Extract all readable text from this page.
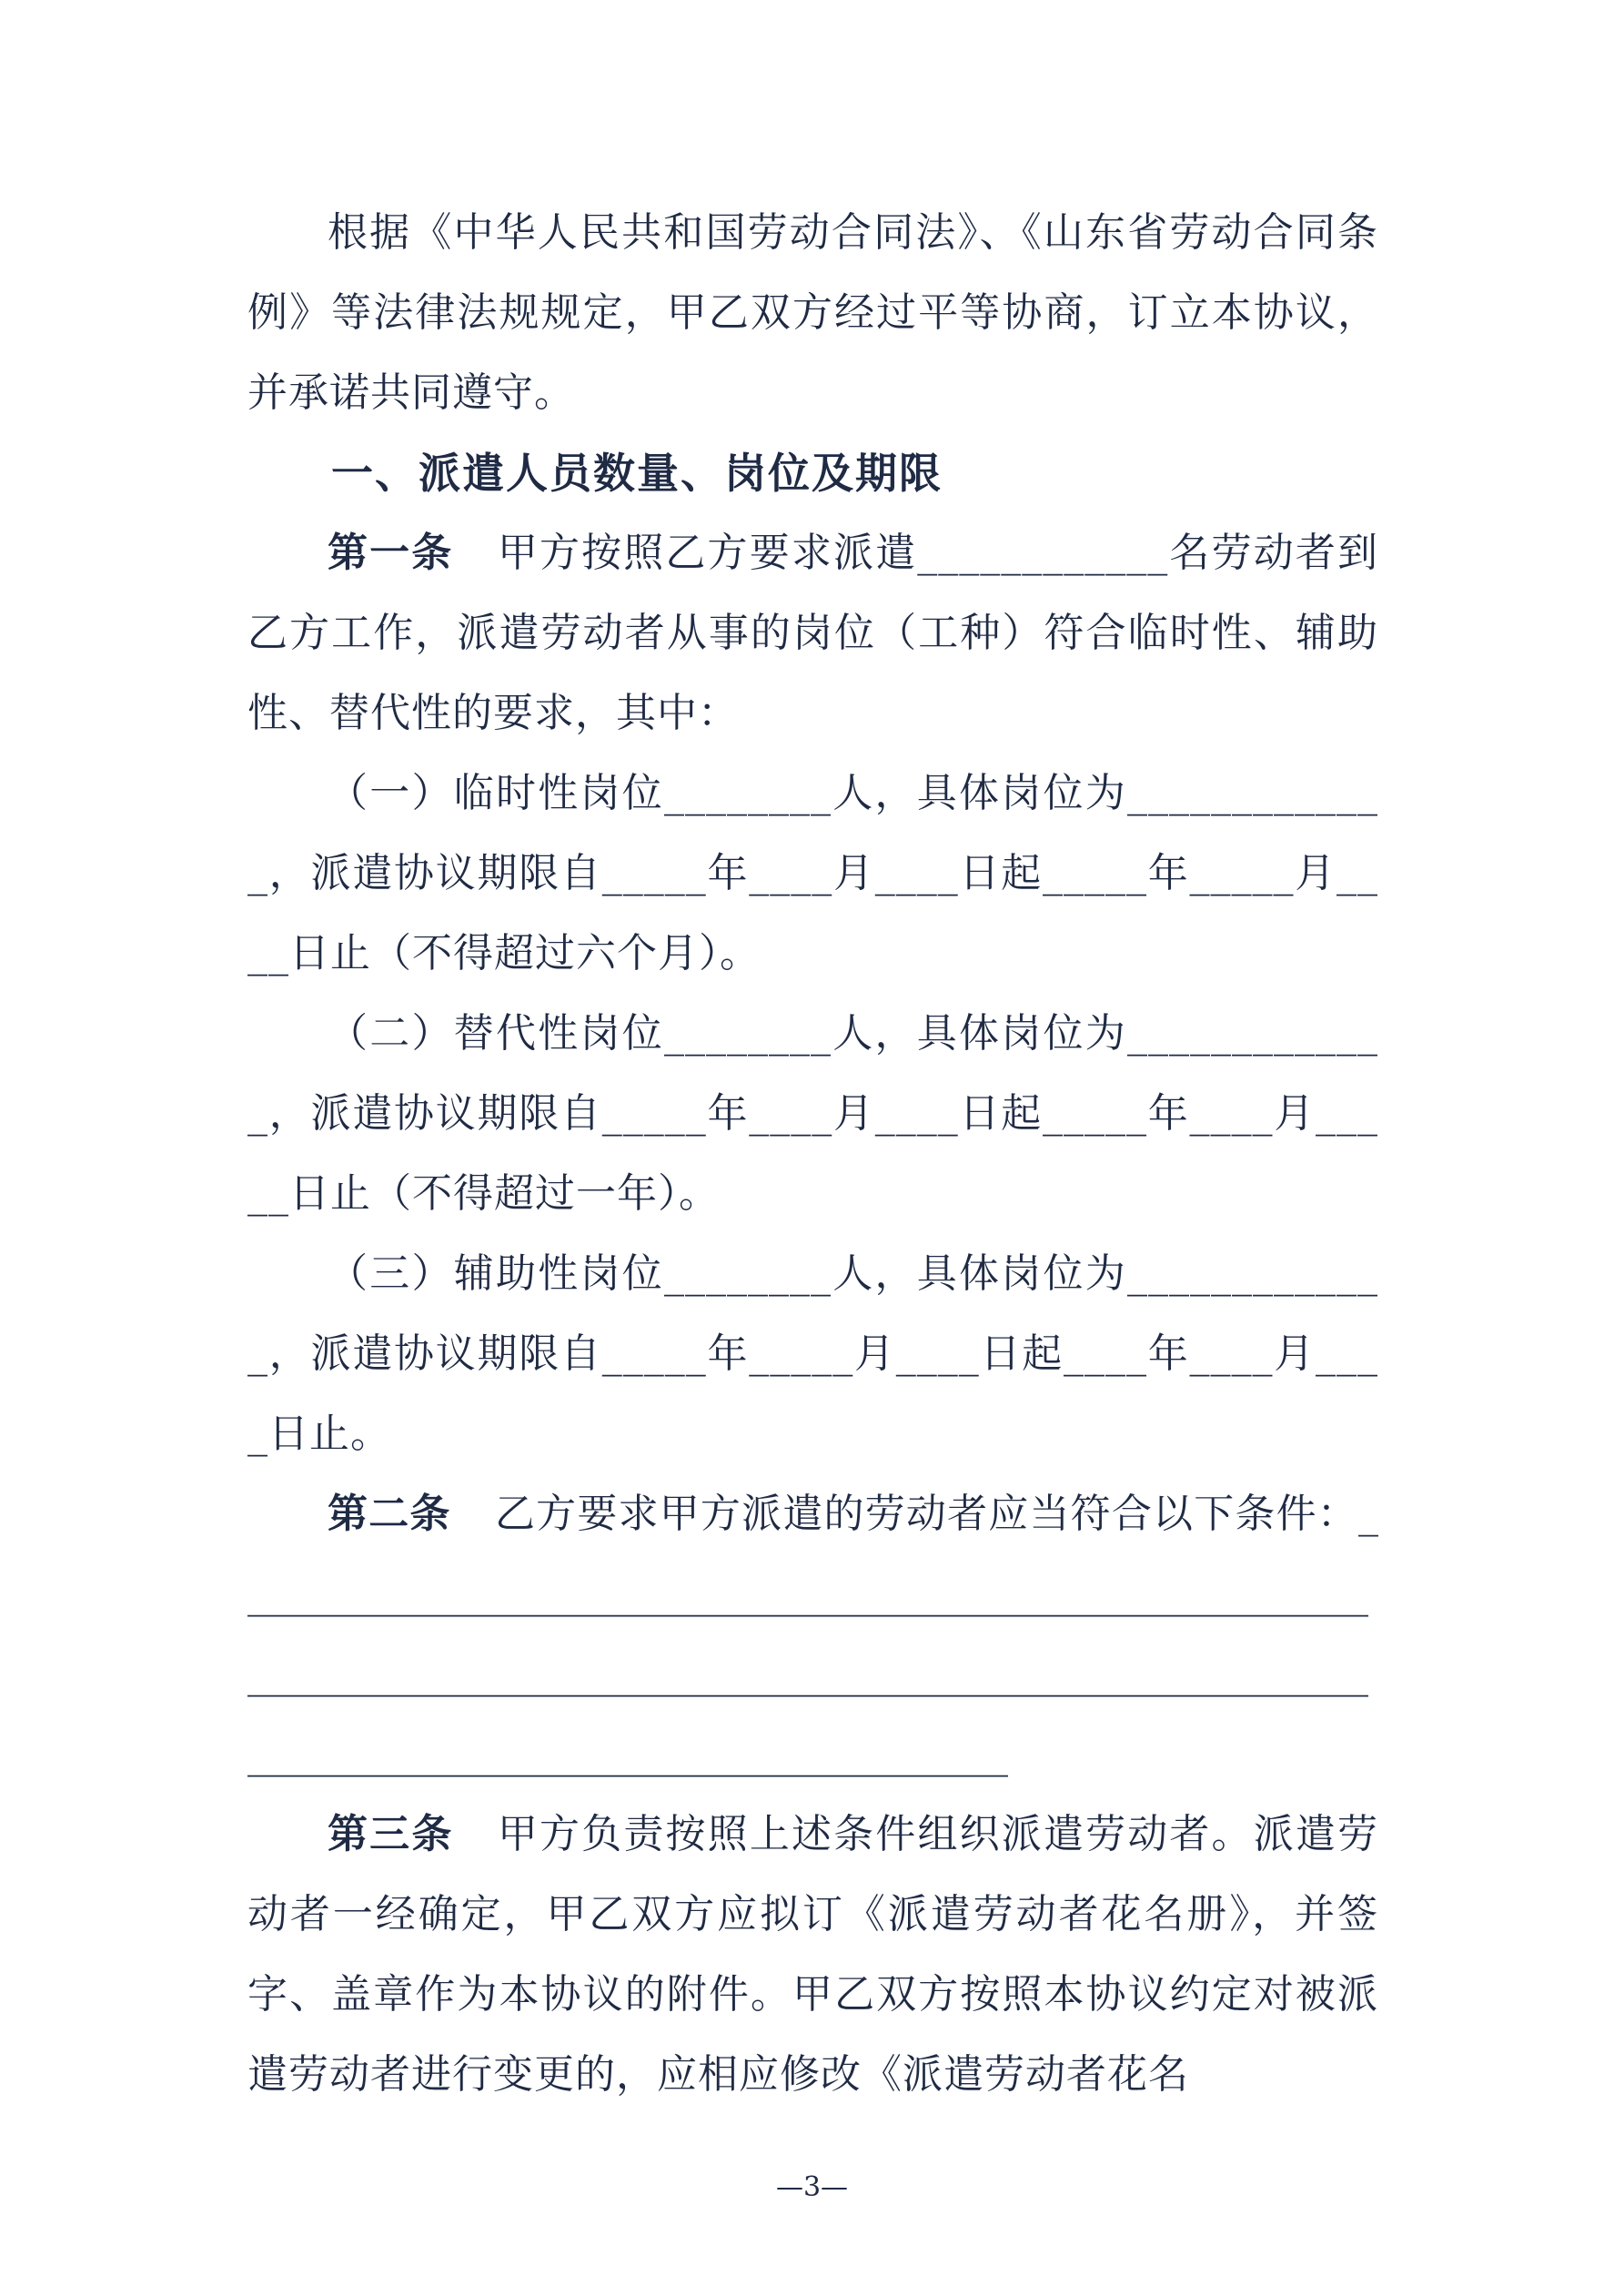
根据《中华人民共和国劳动合同法》、《山东省劳动合同条例》等法律法规规定，甲乙双方经过平等协商，订立本协议，并承诺共同遵守。

一、派遣人员数量、岗位及期限

第一条 甲方按照乙方要求派遣____________名劳动者到乙方工作，派遣劳动者从事的岗位（工种）符合临时性、辅助性、替代性的要求，其中：

（一）临时性岗位________人，具体岗位为_____________，派遣协议期限自_____年____月____日起_____年_____月____日止（不得超过六个月）。

（二）替代性岗位________人，具体岗位为_____________，派遣协议期限自_____年____月____日起_____年____月_____日止（不得超过一年）。

（三）辅助性岗位________人，具体岗位为_____________，派遣协议期限自_____年_____月____日起____年____月____日止。

第二条 乙方要求甲方派遣的劳动者应当符合以下条件：_______________________________________________________________________________________________________________________________________________________

第三条 甲方负责按照上述条件组织派遣劳动者。派遣劳动者一经确定，甲乙双方应拟订《派遣劳动者花名册》，并签字、盖章作为本协议的附件。甲乙双方按照本协议约定对被派遣劳动者进行变更的，应相应修改《派遣劳动者花名

—3—
